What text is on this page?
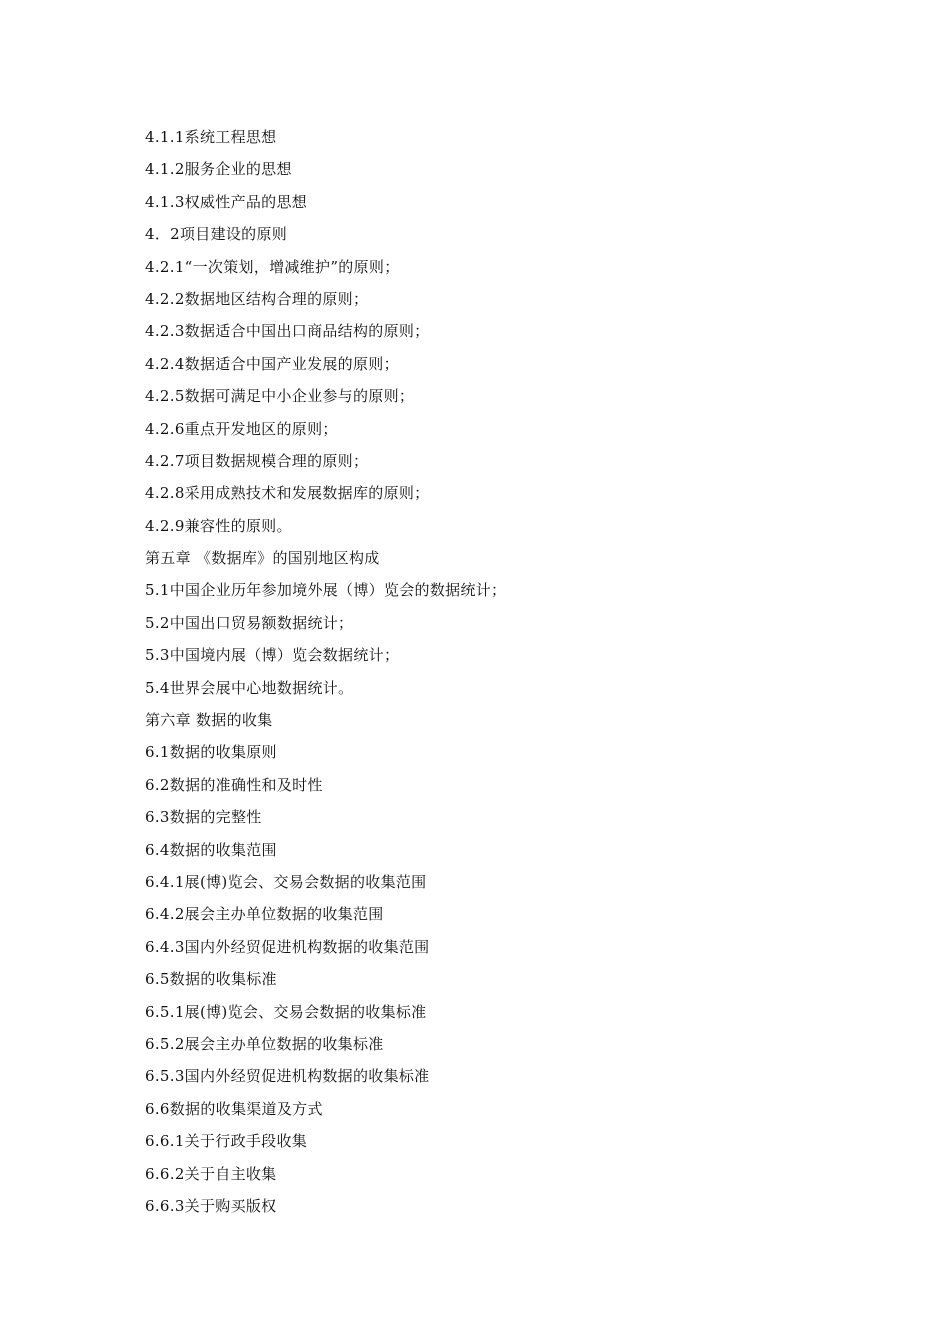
4.1.1系统工程思想
4.1.2服务企业的思想
4.1.3权威性产品的思想
4．2项目建设的原则
4.2.1“一次策划，增减维护”的原则；
4.2.2数据地区结构合理的原则；
4.2.3数据适合中国出口商品结构的原则；
4.2.4数据适合中国产业发展的原则；
4.2.5数据可满足中小企业参与的原则；
4.2.6重点开发地区的原则；
4.2.7项目数据规模合理的原则；
4.2.8采用成熟技术和发展数据库的原则；
4.2.9兼容性的原则。
第五章 《数据库》的国别地区构成
5.1中国企业历年参加境外展（博）览会的数据统计；
5.2中国出口贸易额数据统计；
5.3中国境内展（博）览会数据统计；
5.4世界会展中心地数据统计。
第六章 数据的收集
6.1数据的收集原则
6.2数据的准确性和及时性
6.3数据的完整性
6.4数据的收集范围
6.4.1展(博)览会、交易会数据的收集范围
6.4.2展会主办单位数据的收集范围
6.4.3国内外经贸促进机构数据的收集范围
6.5数据的收集标准
6.5.1展(博)览会、交易会数据的收集标准
6.5.2展会主办单位数据的收集标准
6.5.3国内外经贸促进机构数据的收集标准
6.6数据的收集渠道及方式
6.6.1关于行政手段收集
6.6.2关于自主收集
6.6.3关于购买版权
